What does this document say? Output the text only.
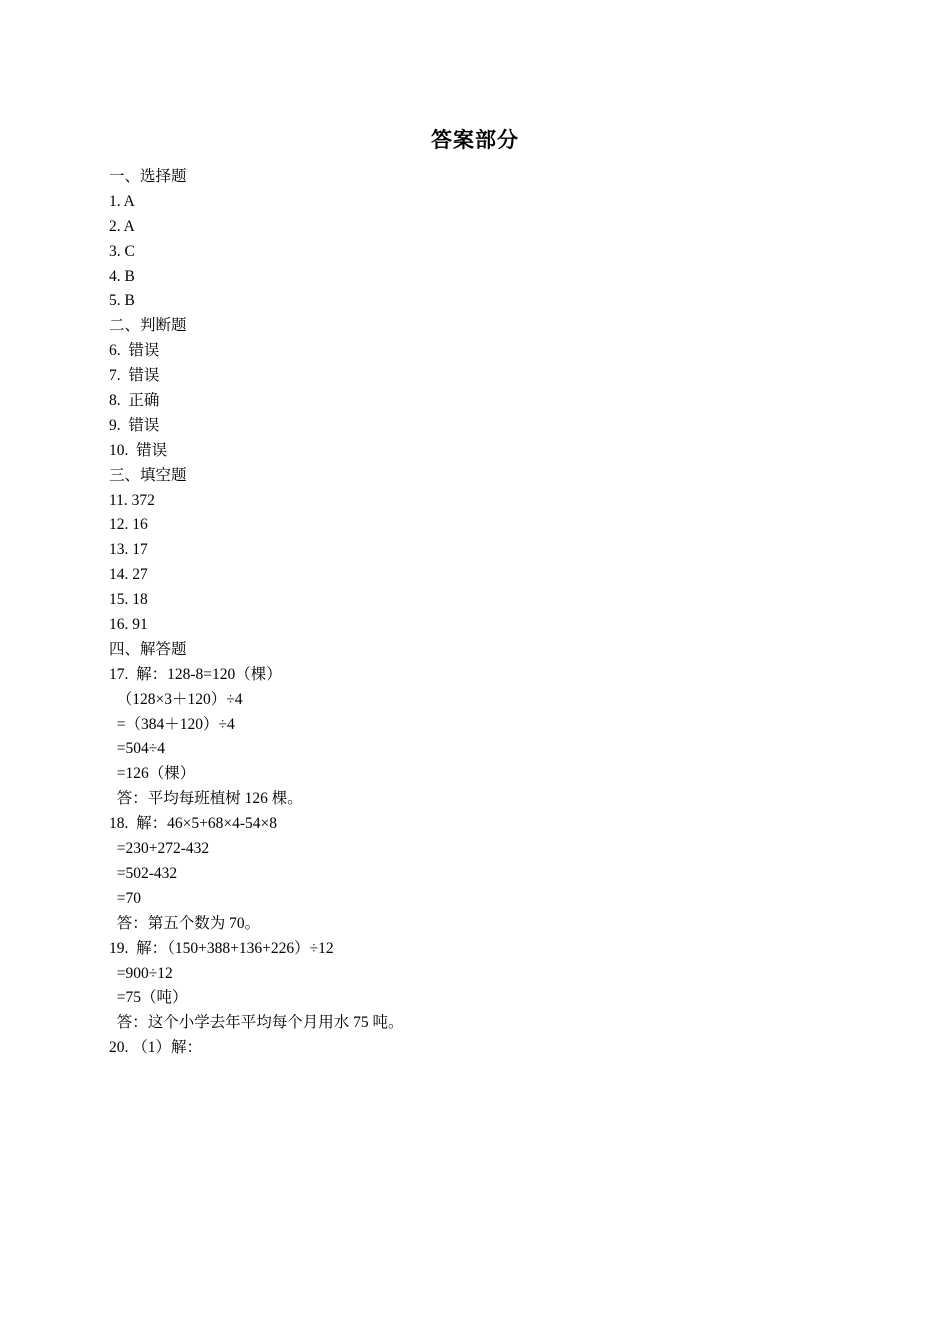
答案部分
一、选择题
1. A
2. A
3. C
4. B
5. B
二、判断题
6.  错误
7.  错误
8.  正确
9.  错误
10.  错误
三、填空题
11. 372
12. 16
13. 17
14. 27
15. 18
16. 91
四、解答题
17.  解：128-8=120（棵）
（128×3＋120）÷4
=（384＋120）÷4
=504÷4
=126（棵）
答：平均每班植树 126 棵。
18.  解：46×5+68×4-54×8
=230+272-432
=502-432
=70
答：第五个数为 70。
19.  解：（150+388+136+226）÷12
=900÷12
=75（吨）
答：这个小学去年平均每个月用水 75 吨。
20. （1）解：
